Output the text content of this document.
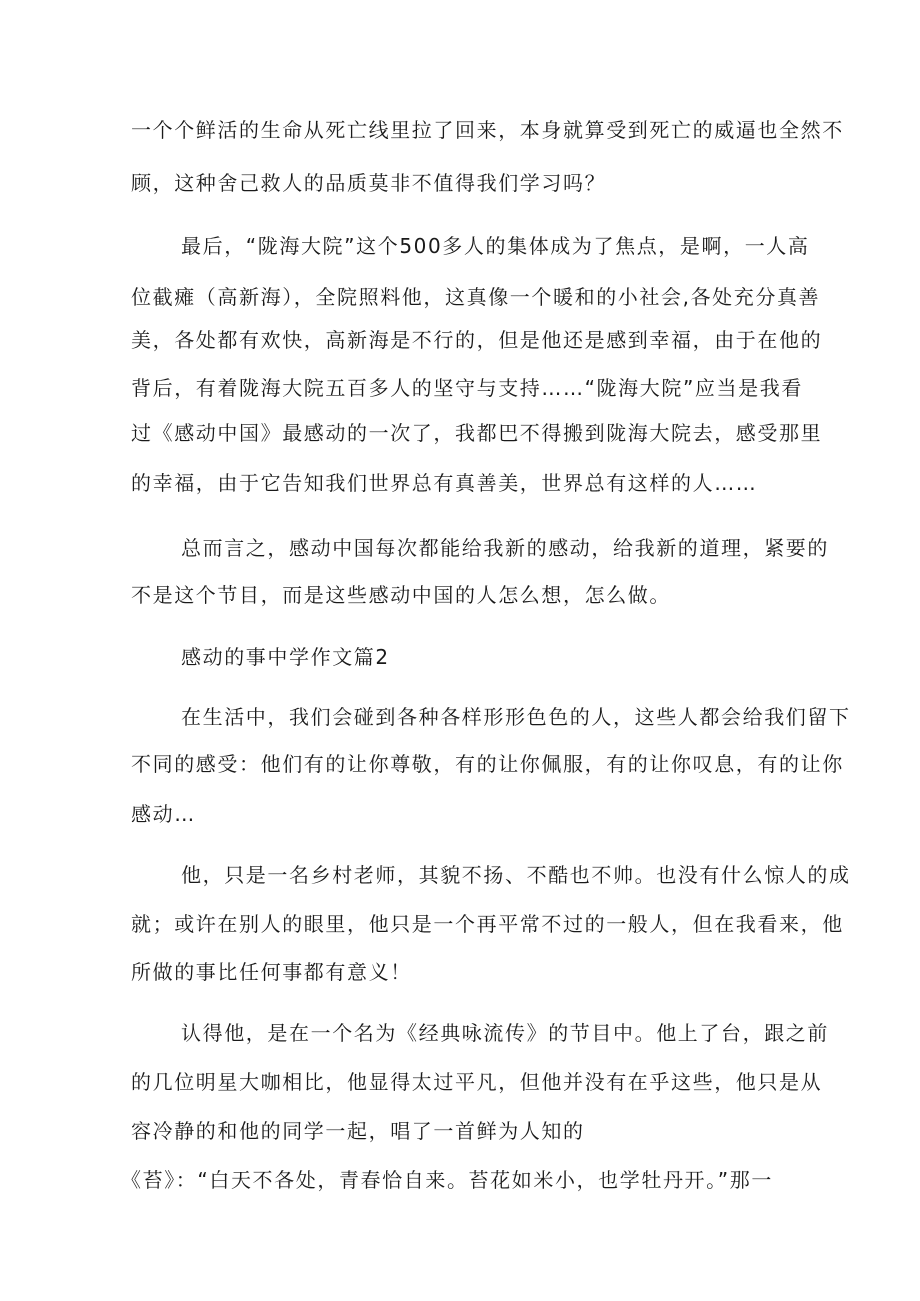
一个个鲜活的生命从死亡线里拉了回来，本身就算受到死亡的威逼也全然不
顾，这种舍己救人的品质莫非不值得我们学习吗？
最后，“陇海大院”这个500多人的集体成为了焦点，是啊，一人高
位截瘫（高新海），全院照料他，这真像一个暖和的小社会,各处充分真善
美，各处都有欢快，高新海是不行的，但是他还是感到幸福，由于在他的
背后，有着陇海大院五百多人的坚守与支持……“陇海大院”应当是我看
过《感动中国》最感动的一次了，我都巴不得搬到陇海大院去，感受那里
的幸福，由于它告知我们世界总有真善美，世界总有这样的人……
总而言之，感动中国每次都能给我新的感动，给我新的道理，紧要的
不是这个节目，而是这些感动中国的人怎么想，怎么做。
感动的事中学作文篇2
在生活中，我们会碰到各种各样形形色色的人，这些人都会给我们留下
不同的感受：他们有的让你尊敬，有的让你佩服，有的让你叹息，有的让你
感动…
他，只是一名乡村老师，其貌不扬、不酷也不帅。也没有什么惊人的成
就；或许在别人的眼里，他只是一个再平常不过的一般人，但在我看来，他
所做的事比任何事都有意义！
认得他，是在一个名为《经典咏流传》的节目中。他上了台，跟之前
的几位明星大咖相比，他显得太过平凡，但他并没有在乎这些，他只是从
容冷静的和他的同学一起，唱了一首鲜为人知的
《苔》：“白天不各处，青春恰自来。苔花如米小，也学牡丹开。”那一
